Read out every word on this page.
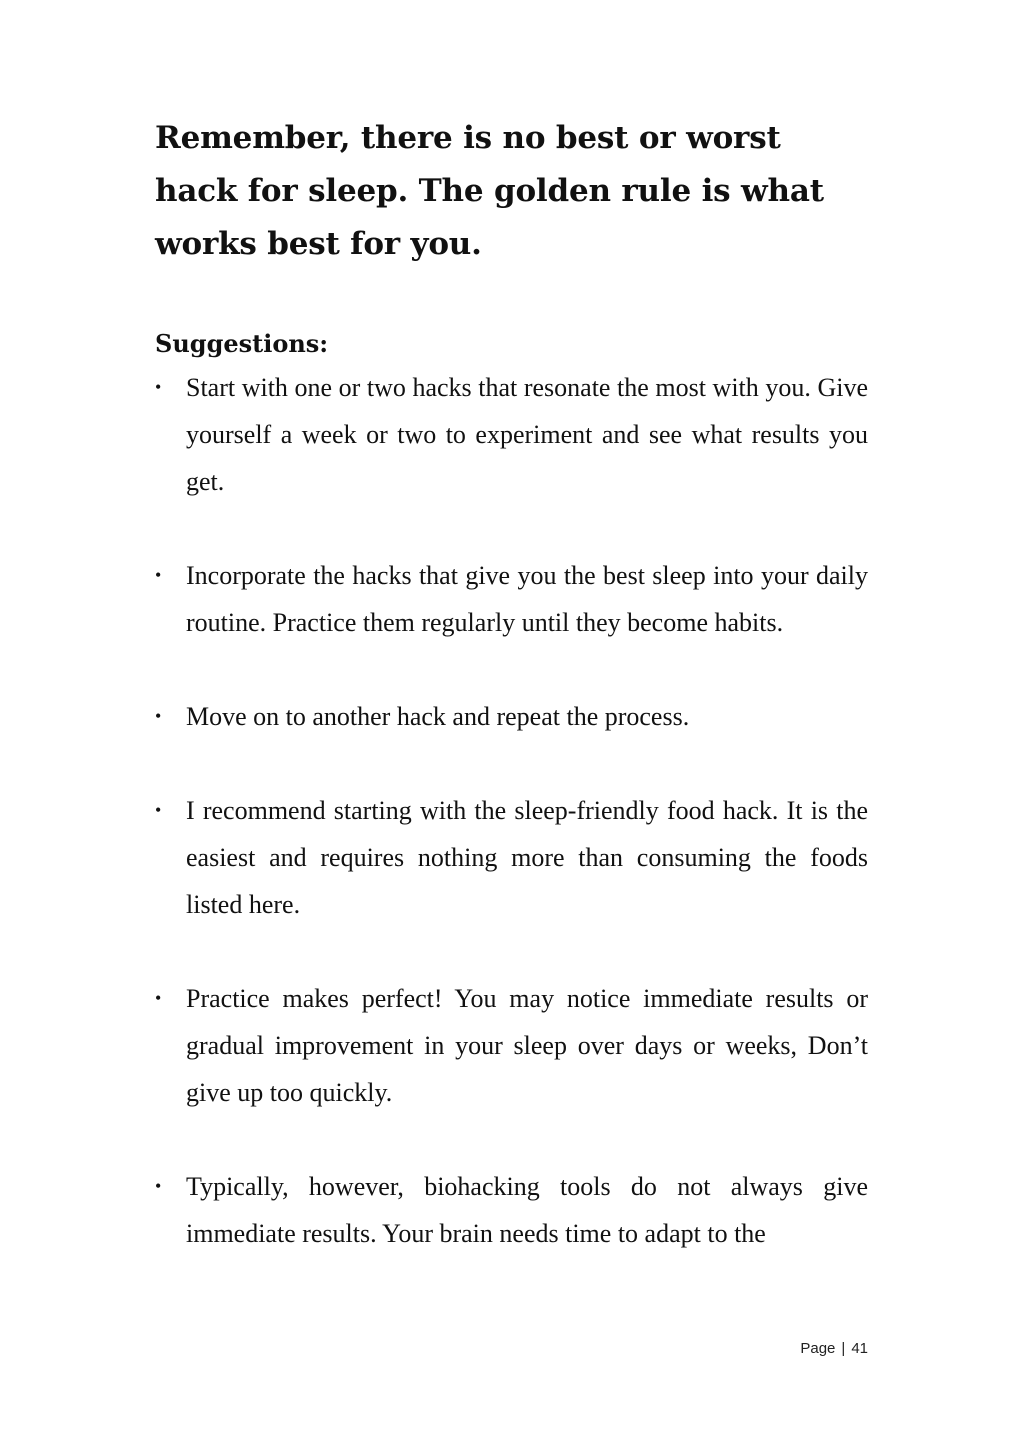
Remember, there is no best or worst hack for sleep. The golden rule is what works best for you.

Suggestions:
• Start with one or two hacks that resonate the most with you. Give yourself a week or two to experiment and see what results you get.
• Incorporate the hacks that give you the best sleep into your daily routine. Practice them regularly until they become habits.
• Move on to another hack and repeat the process.
• I recommend starting with the sleep-friendly food hack. It is the easiest and requires nothing more than consuming the foods listed here.
• Practice makes perfect! You may notice immediate results or gradual improvement in your sleep over days or weeks, Don’t give up too quickly.
• Typically, however, biohacking tools do not always give immediate results. Your brain needs time to adapt to the
Page | 41
